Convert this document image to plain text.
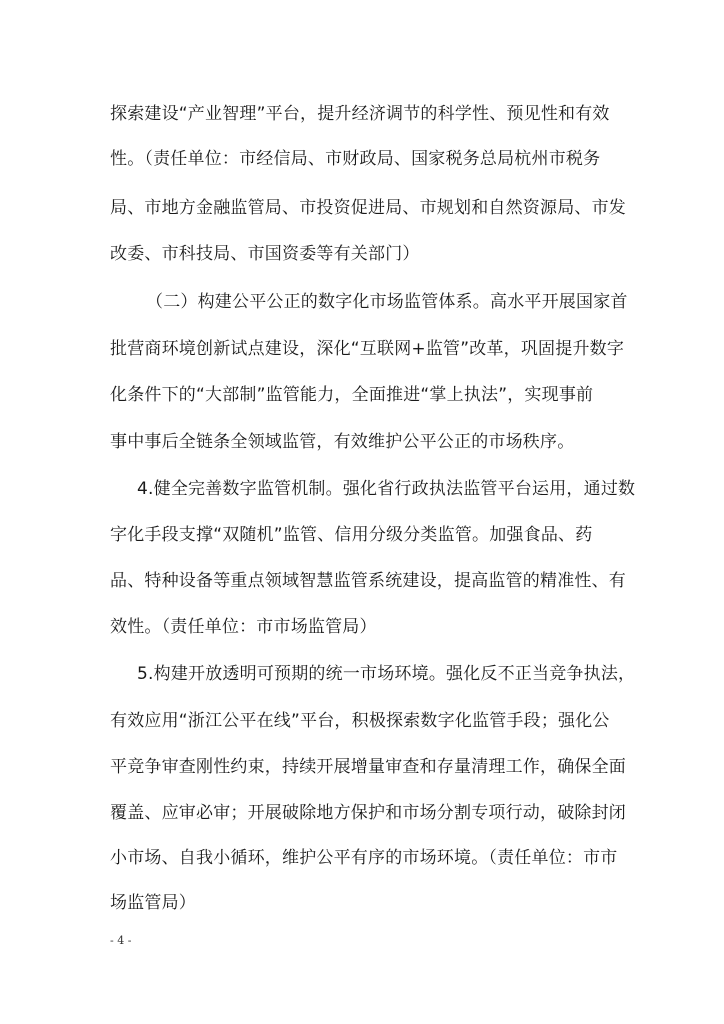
探索建设“产业智理”平台，提升经济调节的科学性、预见性和有效

性。（责任单位：市经信局、市财政局、国家税务总局杭州市税务

局、市地方金融监管局、市投资促进局、市规划和自然资源局、市发

改委、市科技局、市国资委等有关部门）

（二）构建公平公正的数字化市场监管体系。高水平开展国家首

批营商环境创新试点建设，深化“互联网+监管”改革，巩固提升数字

化条件下的“大部制”监管能力，全面推进“掌上执法”，实现事前

事中事后全链条全领域监管，有效维护公平公正的市场秩序。

4.健全完善数字监管机制。强化省行政执法监管平台运用，通过数

字化手段支撑“双随机”监管、信用分级分类监管。加强食品、药

品、特种设备等重点领域智慧监管系统建设，提高监管的精准性、有

效性。（责任单位：市市场监管局）

5.构建开放透明可预期的统一市场环境。强化反不正当竞争执法，

有效应用“浙江公平在线”平台，积极探索数字化监管手段；强化公

平竞争审查刚性约束，持续开展增量审查和存量清理工作，确保全面

覆盖、应审必审；开展破除地方保护和市场分割专项行动，破除封闭

小市场、自我小循环，维护公平有序的市场环境。（责任单位：市市

场监管局）

- 4 -
